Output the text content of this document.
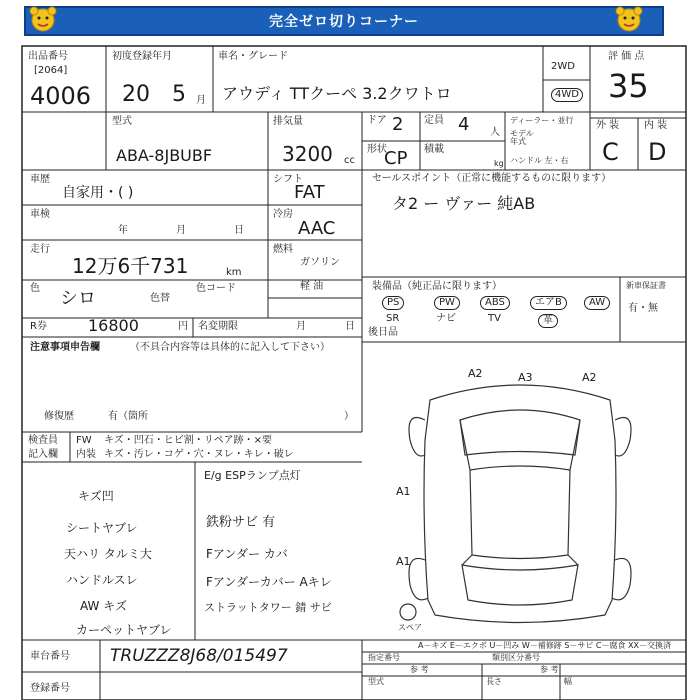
完全ゼロ切りコーナー
出品番号
[2064]
4006
初度登録年月
20 5 月
車名・グレード
アウディ TTクーペ 3.2クワトロ
2WD
4WD
評 価 点
35
型式
ABA-8JBUBF
排気量
3200 cc
ドア 2 定員 4 人
形状
CP 積載
kg
ディーラー・並行
モデル
年式
ハンドル 左・右
外 装 内 装
C D
車歴
自家用・( )
シフト
FAT
車検
年	月	日
冷房
AAC
走行
12万6千731	km
燃料
ガソリン
軽 油
色 シロ	色替
色コード
R券	16800	円 名変期限	月	日
注意事項申告欄	（不具合内容等は具体的に記入して下さい）
修復歴	有（箇所	）
検査員
記入欄
FW キズ・凹石・ヒビ割・リペア跡・×要
内装 キズ・汚レ・コゲ・穴・ヌレ・キレ・破レ
E/g ESPランプ点灯
キズ凹
シートヤブレ	鉄粉サビ 有
天ハリ タルミ大	Fアンダー カバ
ハンドルスレ	Fアンダーカバー Aキレ
AW キズ	ストラットタワー 錆 サビ
カーペットヤブレ
セールスポイント（正常に機能するものに限ります）
タ2 ー ヴァー 純AB
装備品（純正品に限ります）
PS	PW	ABS	エアB	AW
SR	ナビ	TV	革
新車保証書
有・無
後日品
A2	A3	A2
A1
A1
スペア
A－キズ E－エクボ U－凹み W－補修跡 S－サビ C－腐食 XX－交換済
指定番号	類別区分番号
参 考	参 考
型式	長さ	幅
車台番号 TRUZZZ8J68/015497
登録番号
